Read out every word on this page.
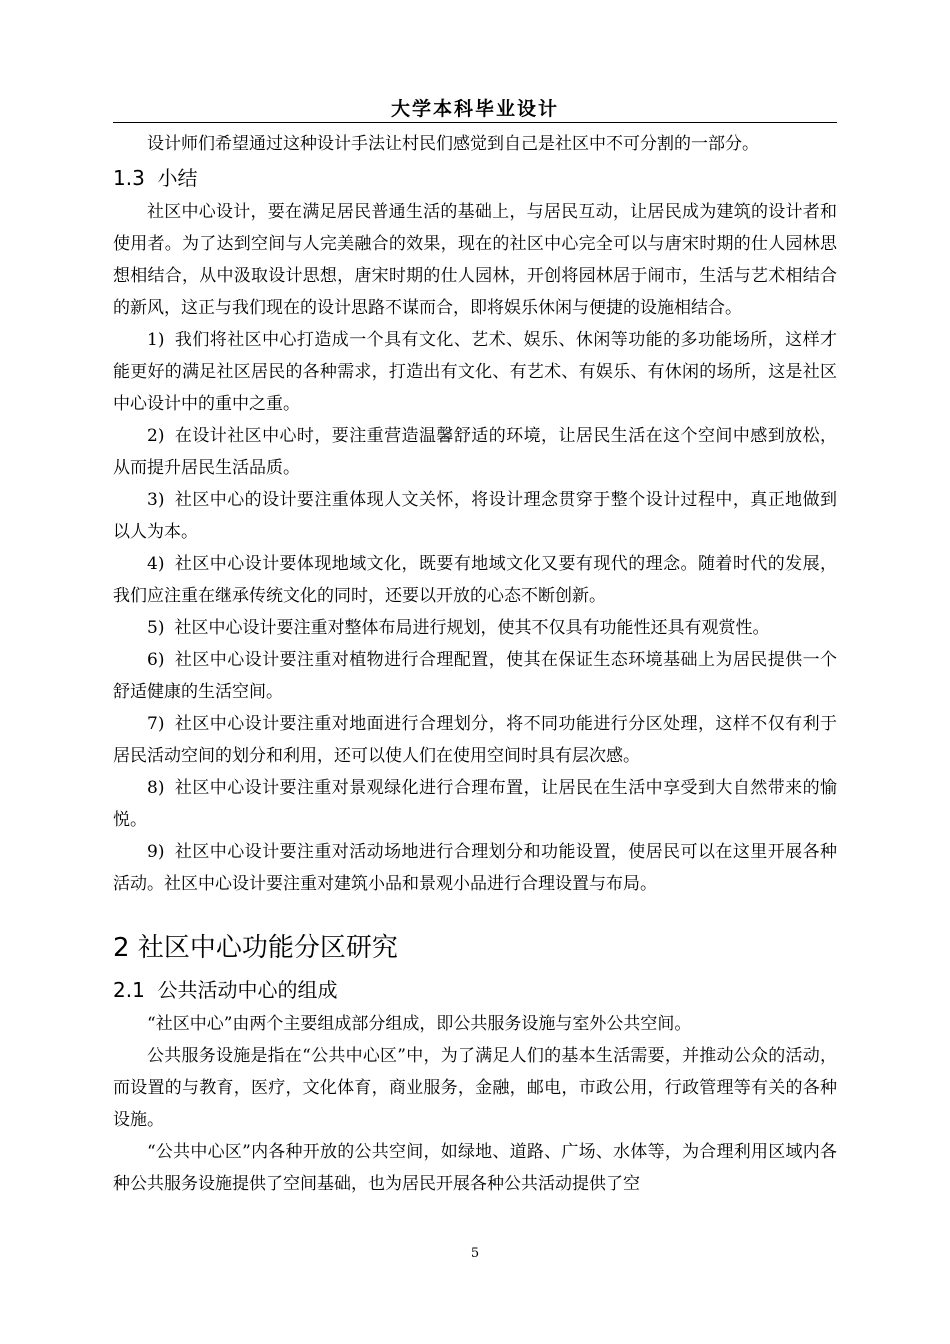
大学本科毕业设计

设计师们希望通过这种设计手法让村民们感觉到自己是社区中不可分割的一部分。

1.3 小结

社区中心设计，要在满足居民普通生活的基础上，与居民互动，让居民成为建筑的设计者和使用者。为了达到空间与人完美融合的效果，现在的社区中心完全可以与唐宋时期的仕人园林思想相结合，从中汲取设计思想，唐宋时期的仕人园林，开创将园林居于闹市，生活与艺术相结合的新风，这正与我们现在的设计思路不谋而合，即将娱乐休闲与便捷的设施相结合。

1) 我们将社区中心打造成一个具有文化、艺术、娱乐、休闲等功能的多功能场所，这样才能更好的满足社区居民的各种需求，打造出有文化、有艺术、有娱乐、有休闲的场所，这是社区中心设计中的重中之重。

2) 在设计社区中心时，要注重营造温馨舒适的环境，让居民生活在这个空间中感到放松，从而提升居民生活品质。

3) 社区中心的设计要注重体现人文关怀，将设计理念贯穿于整个设计过程中，真正地做到以人为本。

4) 社区中心设计要体现地域文化，既要有地域文化又要有现代的理念。随着时代的发展，我们应注重在继承传统文化的同时，还要以开放的心态不断创新。

5) 社区中心设计要注重对整体布局进行规划，使其不仅具有功能性还具有观赏性。

6) 社区中心设计要注重对植物进行合理配置，使其在保证生态环境基础上为居民提供一个舒适健康的生活空间。

7) 社区中心设计要注重对地面进行合理划分，将不同功能进行分区处理，这样不仅有利于居民活动空间的划分和利用，还可以使人们在使用空间时具有层次感。

8) 社区中心设计要注重对景观绿化进行合理布置，让居民在生活中享受到大自然带来的愉悦。

9) 社区中心设计要注重对活动场地进行合理划分和功能设置，使居民可以在这里开展各种活动。社区中心设计要注重对建筑小品和景观小品进行合理设置与布局。

2 社区中心功能分区研究
2.1 公共活动中心的组成

“社区中心”由两个主要组成部分组成，即公共服务设施与室外公共空间。

公共服务设施是指在“公共中心区”中，为了满足人们的基本生活需要，并推动公众的活动，而设置的与教育，医疗，文化体育，商业服务，金融，邮电，市政公用，行政管理等有关的各种设施。

“公共中心区”内各种开放的公共空间，如绿地、道路、广场、水体等，为合理利用区域内各种公共服务设施提供了空间基础，也为居民开展各种公共活动提供了空

5
